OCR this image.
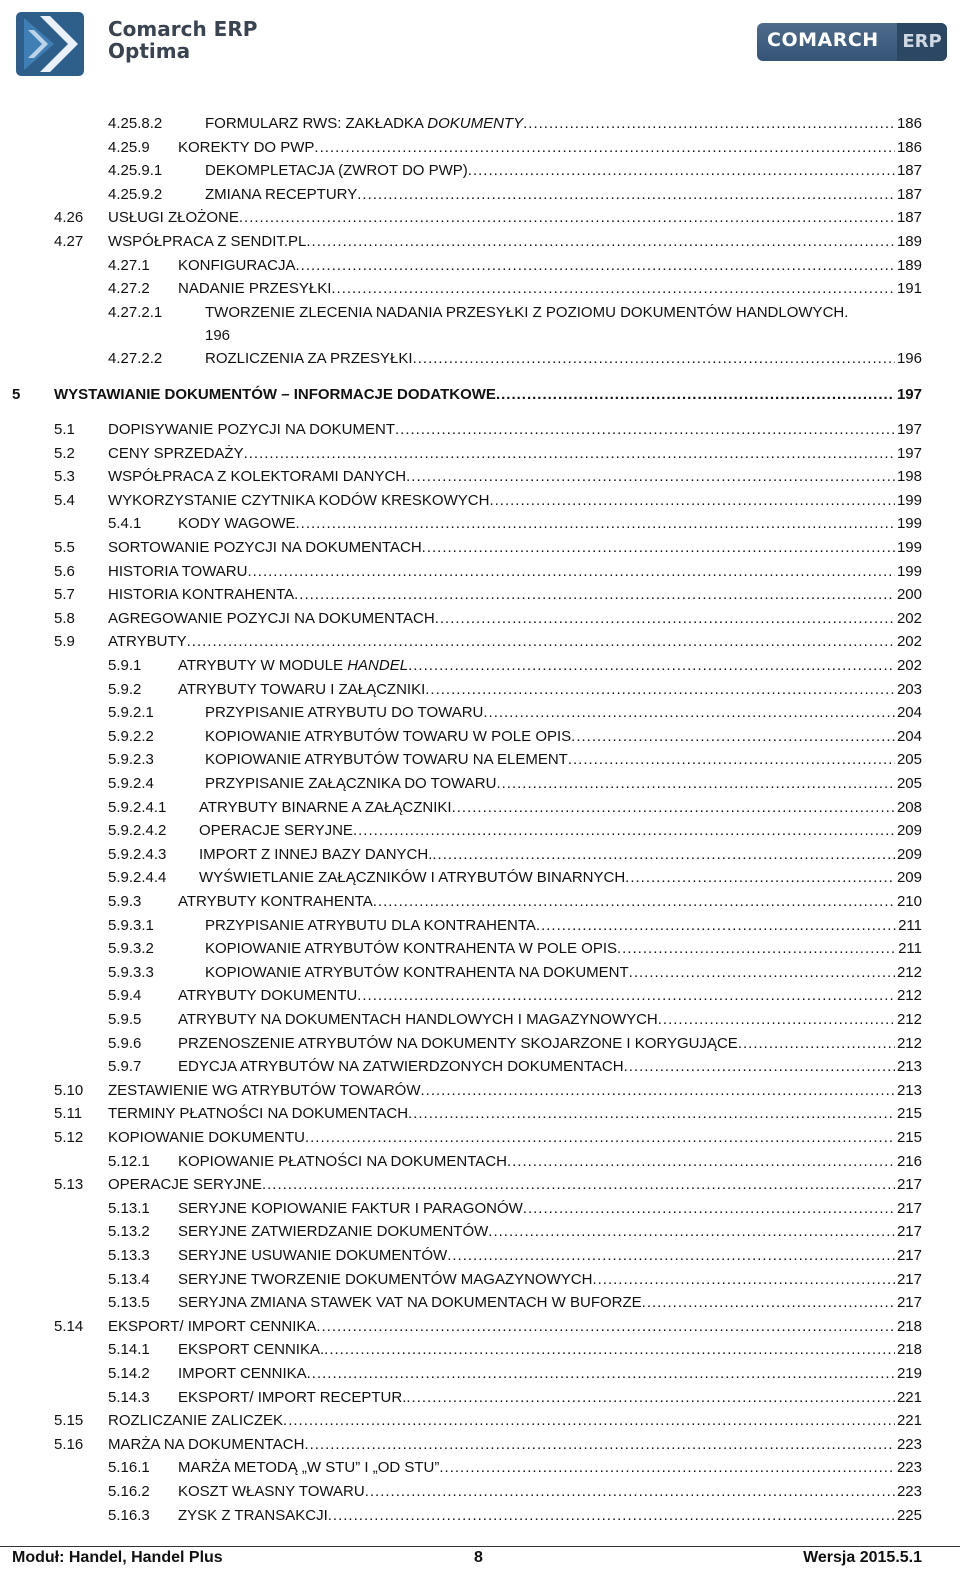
Comarch ERP
Optima	COMARCH ERP
4.25.8.2	FORMULARZ RWS: ZAKŁADKA DOKUMENTY .....	186
4.25.9 KOREKTY DO PWP .....	186
4.25.9.1	DEKOMPLETACJA (ZWROT DO PWP) .....	187
4.25.9.2	ZMIANA RECEPTURY .....	187
4.26 USŁUGI ZŁOŻONE .....	187
4.27 WSPÓŁPRACA Z SENDIT.PL .....	189
4.27.1 KONFIGURACJA .....	189
4.27.2 NADANIE PRZESYŁKI .....	191
4.27.2.1	TWORZENIE ZLECENIA NADANIA PRZESYŁKI Z POZIOMU DOKUMENTÓW HANDLOWYCH.
196
4.27.2.2	ROZLICZENIA ZA PRZESYŁKI .....	196
5 WYSTAWIANIE DOKUMENTÓW – INFORMACJE DODATKOWE .....	197
5.1 DOPISYWANIE POZYCJI NA DOKUMENT .....	197
5.2 CENY SPRZEDAŻY .....	197
5.3 WSPÓŁPRACA Z KOLEKTORAMI DANYCH .....	198
5.4 WYKORZYSTANIE CZYTNIKA KODÓW KRESKOWYCH .....	199
5.4.1 KODY WAGOWE .....	199
5.5 SORTOWANIE POZYCJI NA DOKUMENTACH .....	199
5.6 HISTORIA TOWARU .....	199
5.7 HISTORIA KONTRAHENTA .....	200
5.8 AGREGOWANIE POZYCJI NA DOKUMENTACH .....	202
5.9 ATRYBUTY .....	202
5.9.1 ATRYBUTY W MODULE HANDEL .....	202
5.9.2 ATRYBUTY TOWARU I ZAŁĄCZNIKI .....	203
5.9.2.1	PRZYPISANIE ATRYBUTU DO TOWARU .....	204
5.9.2.2	KOPIOWANIE ATRYBUTÓW TOWARU W POLE OPIS .....	204
5.9.2.3	KOPIOWANIE ATRYBUTÓW TOWARU NA ELEMENT .....	205
5.9.2.4	PRZYPISANIE ZAŁĄCZNIKA DO TOWARU .....	205
5.9.2.4.1 ATRYBUTY BINARNE A ZAŁĄCZNIKI .....	208
5.9.2.4.2 OPERACJE SERYJNE .....	209
5.9.2.4.3 IMPORT Z INNEJ BAZY DANYCH. .....	209
5.9.2.4.4 WYŚWIETLANIE ZAŁĄCZNIKÓW I ATRYBUTÓW BINARNYCH .....	209
5.9.3 ATRYBUTY KONTRAHENTA .....	210
5.9.3.1	PRZYPISANIE ATRYBUTU DLA KONTRAHENTA .....	211
5.9.3.2	KOPIOWANIE ATRYBUTÓW KONTRAHENTA W POLE OPIS .....	211
5.9.3.3	KOPIOWANIE ATRYBUTÓW KONTRAHENTA NA DOKUMENT .....	212
5.9.4 ATRYBUTY DOKUMENTU .....	212
5.9.5 ATRYBUTY NA DOKUMENTACH HANDLOWYCH I MAGAZYNOWYCH .....	212
5.9.6 PRZENOSZENIE ATRYBUTÓW NA DOKUMENTY SKOJARZONE I KORYGUJĄCE .....	212
5.9.7 EDYCJA ATRYBUTÓW NA ZATWIERDZONYCH DOKUMENTACH .....	213
5.10 ZESTAWIENIE WG ATRYBUTÓW TOWARÓW .....	213
5.11 TERMINY PŁATNOŚCI NA DOKUMENTACH .....	215
5.12 KOPIOWANIE DOKUMENTU .....	215
5.12.1 KOPIOWANIE PŁATNOŚCI NA DOKUMENTACH .....	216
5.13 OPERACJE SERYJNE .....	217
5.13.1 SERYJNE KOPIOWANIE FAKTUR I PARAGONÓW .....	217
5.13.2 SERYJNE ZATWIERDZANIE DOKUMENTÓW .....	217
5.13.3 SERYJNE USUWANIE DOKUMENTÓW .....	217
5.13.4 SERYJNE TWORZENIE DOKUMENTÓW MAGAZYNOWYCH .....	217
5.13.5 SERYJNA ZMIANA STAWEK VAT NA DOKUMENTACH W BUFORZE .....	217
5.14 EKSPORT/ IMPORT CENNIKA .....	218
5.14.1 EKSPORT CENNIKA. .....	218
5.14.2 IMPORT CENNIKA .....	219
5.14.3 EKSPORT/ IMPORT RECEPTUR. .....	221
5.15 ROZLICZANIE ZALICZEK .....	221
5.16 MARŻA NA DOKUMENTACH .....	223
5.16.1 MARŻA METODĄ „W STU” I „OD STU” .....	223
5.16.2 KOSZT WŁASNY TOWARU .....	223
5.16.3 ZYSK Z TRANSAKCJI .....	225
Moduł: Handel, Handel Plus	8	Wersja 2015.5.1
